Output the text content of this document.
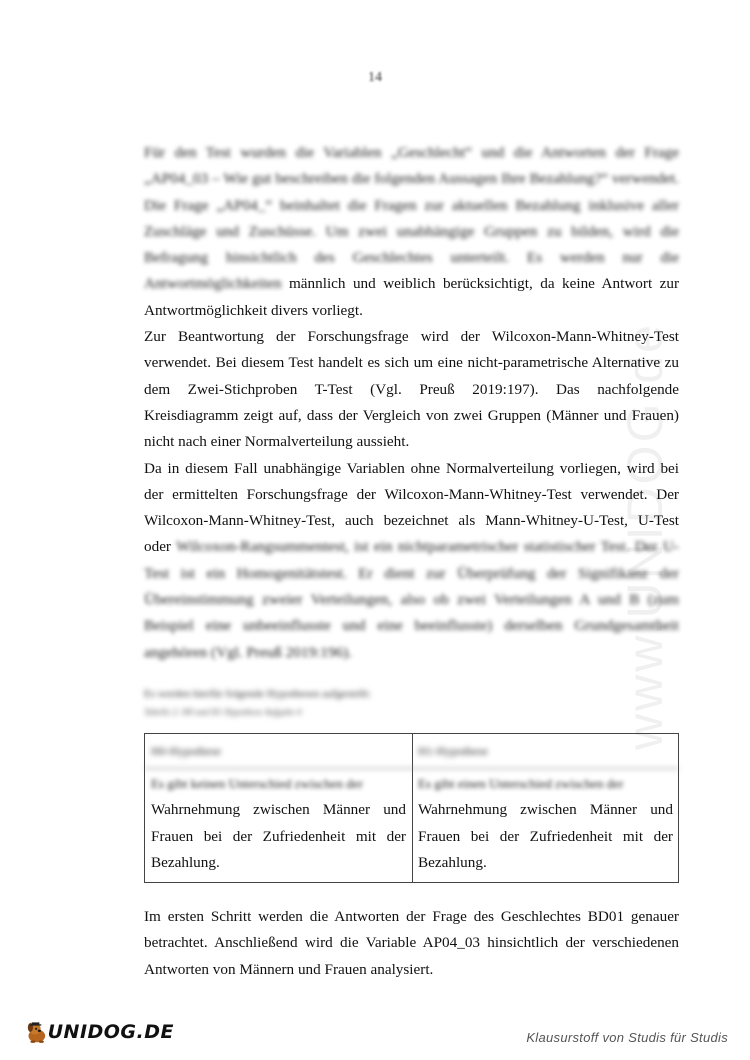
14
www.UNIDOG.de

Für den Test wurden die Variablen „Geschlecht“ und die Antworten der Frage „AP04_03 – Wie gut beschreiben die folgenden Aussagen Ihre Bezahlung?“ verwendet. Die Frage „AP04_“ beinhaltet die Fragen zur aktuellen Bezahlung inklusive aller Zuschläge und Zuschüsse. Um zwei unabhängige Gruppen zu bilden, wird die Befragung hinsichtlich des Geschlechtes unterteilt. Es werden nur die Antwortmöglichkeiten männlich und weiblich berücksichtigt, da keine Antwort zur Antwortmöglichkeit divers vorliegt.

Zur Beantwortung der Forschungsfrage wird der Wilcoxon-Mann-Whitney-Test verwendet. Bei diesem Test handelt es sich um eine nicht-parametrische Alternative zu dem Zwei-Stichproben T-Test (Vgl. Preuß 2019:197). Das nachfolgende Kreisdiagramm zeigt auf, dass der Vergleich von zwei Gruppen (Männer und Frauen) nicht nach einer Normalverteilung aussieht.

Da in diesem Fall unabhängige Variablen ohne Normalverteilung vorliegen, wird bei der ermittelten Forschungsfrage der Wilcoxon-Mann-Whitney-Test verwendet. Der Wilcoxon-Mann-Whitney-Test, auch bezeichnet als Mann-Whitney-U-Test, U-Test oder Wilcoxon-Rangsummentest, ist ein nichtparametrischer statistischer Test. Der U-Test ist ein Homogenitätstest. Er dient zur Überprüfung der Signifikanz der Übereinstimmung zweier Verteilungen, also ob zwei Verteilungen A und B (zum Beispiel eine unbeeinflusste und eine beeinflusste) derselben Grundgesamtheit angehören (Vgl. Preuß 2019:196).

Es werden hierfür folgende Hypothesen aufgestellt:

Tabelle 2: H0 und H1 Hypothese Aufgabe 4

H0-Hypothese
Es gibt keinen Unterschied zwischen der
Wahrnehmung zwischen Männer und Frauen bei der Zufriedenheit mit der Bezahlung.
H1-Hypothese
Es gibt einen Unterschied zwischen der
Wahrnehmung zwischen Männer und Frauen bei der Zufriedenheit mit der Bezahlung.
Im ersten Schritt werden die Antworten der Frage des Geschlechtes BD01 genauer betrachtet. Anschließend wird die Variable AP04_03 hinsichtlich der verschiedenen Antworten von Männern und Frauen analysiert.
UNIDOG.DE	Klausurstoff von Studis für Studis
